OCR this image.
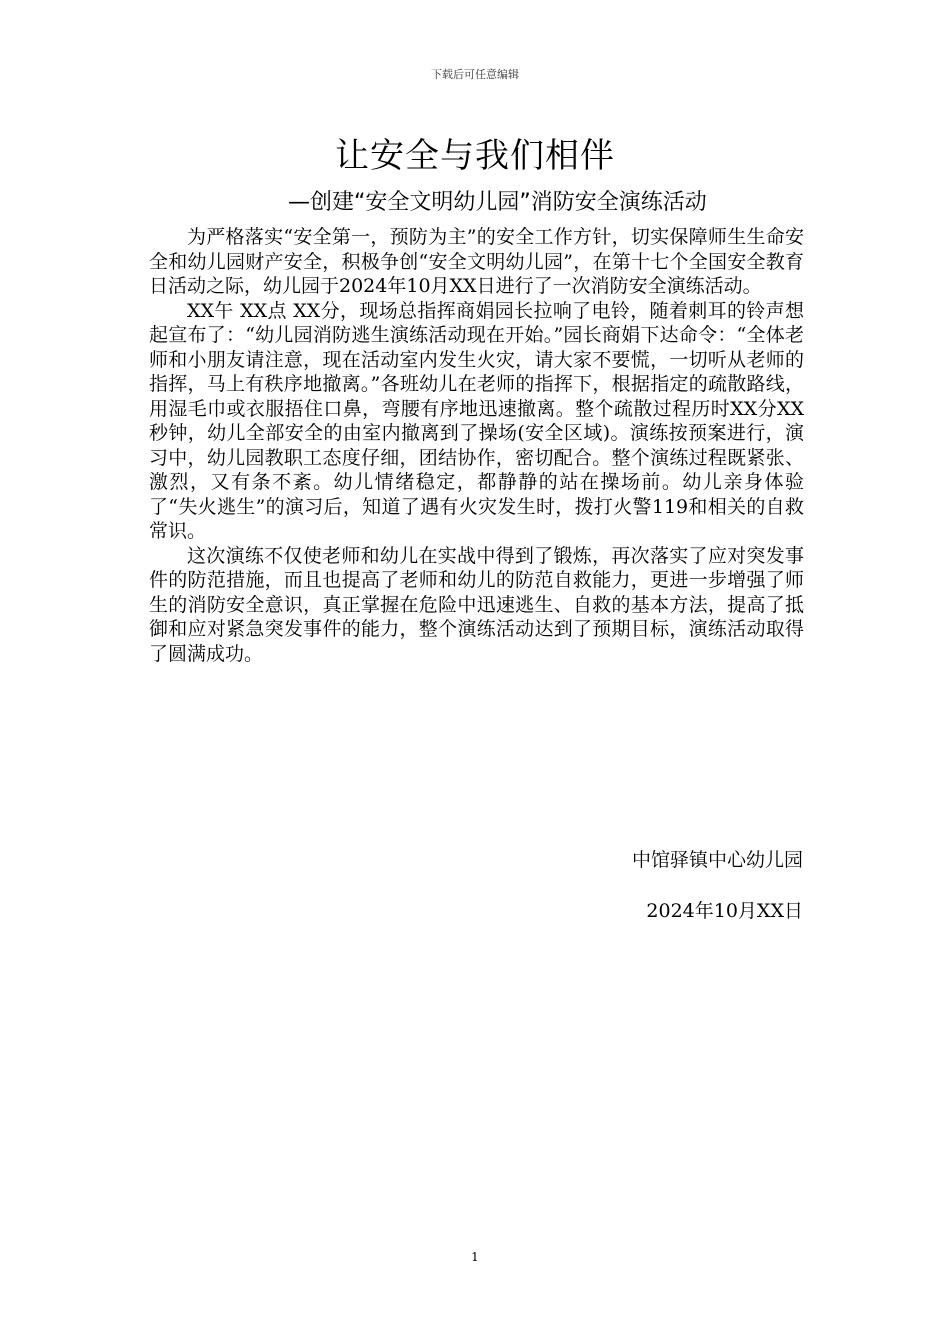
下载后可任意编辑
让安全与我们相伴
—创建“安全文明幼儿园”消防安全演练活动

为严格落实“安全第一，预防为主”的安全工作方针，切实保障师生生命安全和幼儿园财产安全，积极争创“安全文明幼儿园”，在第十七个全国安全教育日活动之际，幼儿园于2024年10月XX日进行了一次消防安全演练活动。

XX午 XX点 XX分，现场总指挥商娟园长拉响了电铃，随着刺耳的铃声想起宣布了：“幼儿园消防逃生演练活动现在开始。”园长商娟下达命令：“全体老师和小朋友请注意，现在活动室内发生火灾，请大家不要慌，一切听从老师的指挥，马上有秩序地撤离。”各班幼儿在老师的指挥下，根据指定的疏散路线，用湿毛巾或衣服捂住口鼻，弯腰有序地迅速撤离。整个疏散过程历时XX分XX秒钟，幼儿全部安全的由室内撤离到了操场(安全区域)。演练按预案进行，演习中，幼儿园教职工态度仔细，团结协作，密切配合。整个演练过程既紧张、激烈，又有条不紊。幼儿情绪稳定，都静静的站在操场前。幼儿亲身体验了“失火逃生”的演习后，知道了遇有火灾发生时，拨打火警119和相关的自救常识。

这次演练不仅使老师和幼儿在实战中得到了锻炼，再次落实了应对突发事件的防范措施，而且也提高了老师和幼儿的防范自救能力，更进一步增强了师生的消防安全意识，真正掌握在危险中迅速逃生、自救的基本方法，提高了抵御和应对紧急突发事件的能力，整个演练活动达到了预期目标，演练活动取得了圆满成功。

中馆驿镇中心幼儿园
2024年10月XX日
1
